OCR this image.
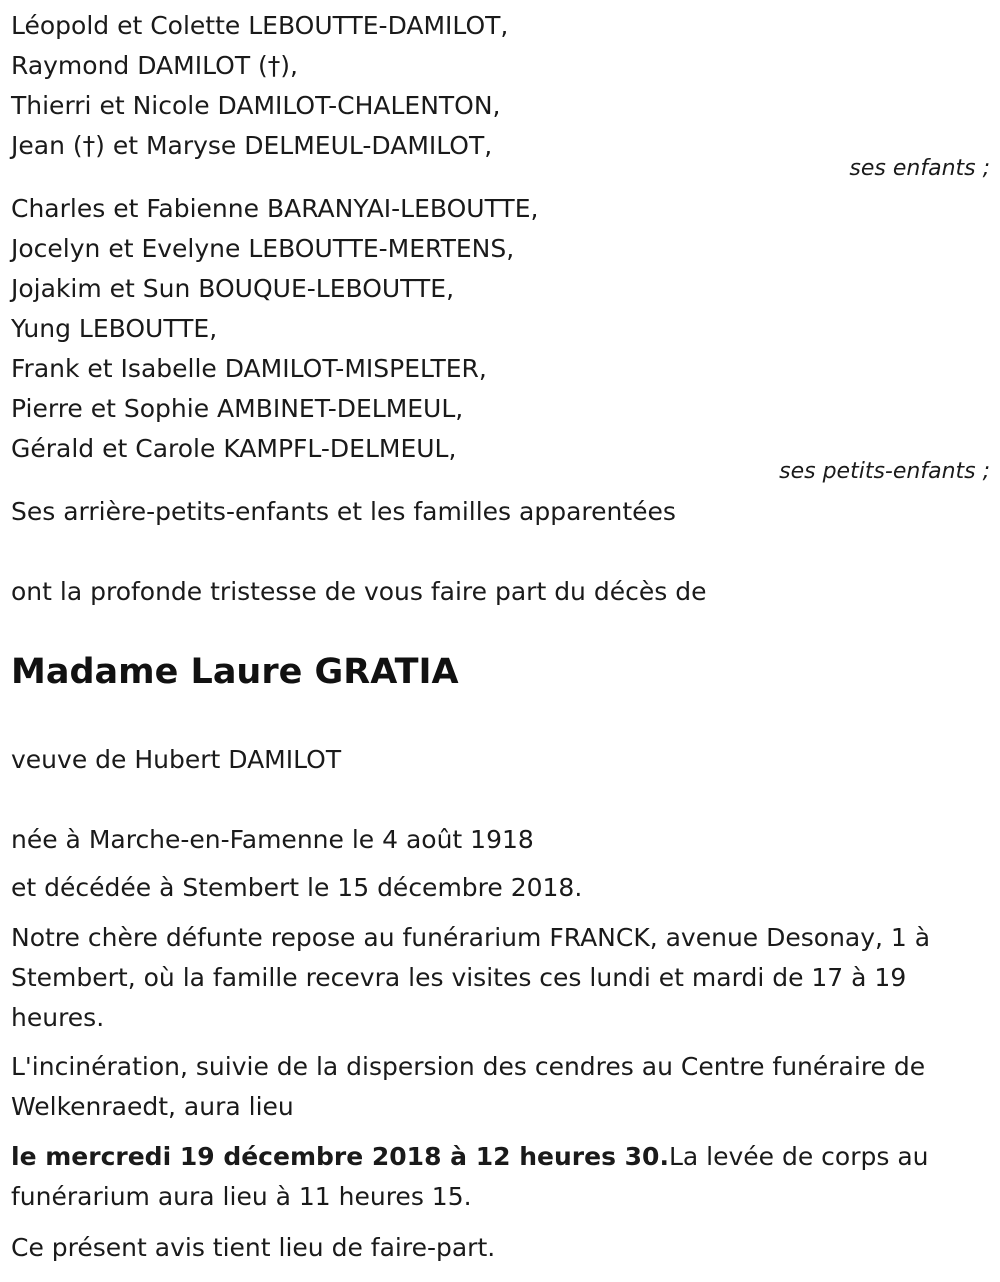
Léopold et Colette LEBOUTTE-DAMILOT,
Raymond DAMILOT (†),
Thierri et Nicole DAMILOT-CHALENTON,
Jean (†) et Maryse DELMEUL-DAMILOT,
ses enfants ;
Charles et Fabienne BARANYAI-LEBOUTTE,
Jocelyn et Evelyne LEBOUTTE-MERTENS,
Jojakim et Sun BOUQUE-LEBOUTTE,
Yung LEBOUTTE,
Frank et Isabelle DAMILOT-MISPELTER,
Pierre et Sophie AMBINET-DELMEUL,
Gérald et Carole KAMPFL-DELMEUL,
ses petits-enfants ;
Ses arrière-petits-enfants et les familles apparentées
ont la profonde tristesse de vous faire part du décès de
Madame Laure GRATIA
veuve de Hubert DAMILOT
née à Marche-en-Famenne le 4 août 1918
et décédée à Stembert le 15 décembre 2018.
Notre chère défunte repose au funérarium FRANCK, avenue Desonay, 1 à Stembert, où la famille recevra les visites ces lundi et mardi de 17 à 19 heures.
L'incinération, suivie de la dispersion des cendres au Centre funéraire de Welkenraedt, aura lieu
le mercredi 19 décembre 2018 à 12 heures 30.La levée de corps au funérarium aura lieu à 11 heures 15.
Ce présent avis tient lieu de faire-part.
